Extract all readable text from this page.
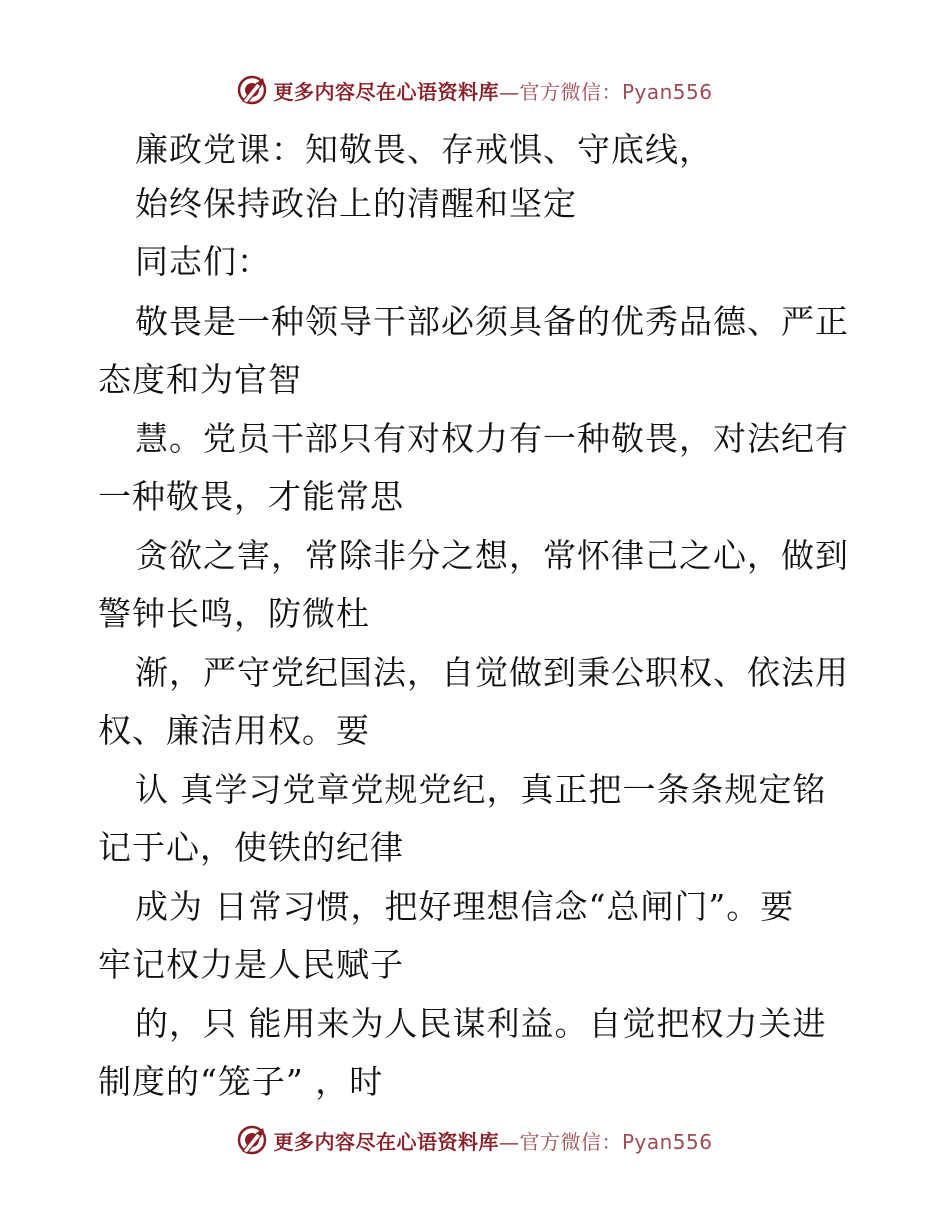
更多内容尽在心语资料库—官方微信：Pyan556
廉政党课：知敬畏、存戒惧、守底线，
始终保持政治上的清醒和坚定
同志们：
敬畏是一种领导干部必须具备的优秀品德、严正
态度和为官智
慧。党员干部只有对权力有一种敬畏，对法纪有
一种敬畏，才能常思
贪欲之害，常除非分之想，常怀律己之心，做到
警钟长鸣，防微杜
渐，严守党纪国法，自觉做到秉公职权、依法用
权、廉洁用权。要
认 真学习党章党规党纪，真正把一条条规定铭
记于心，使铁的纪律
成为 日常习惯，把好理想信念“总闸门”。要
牢记权力是人民赋子
的，只 能用来为人民谋利益。自觉把权力关进
制度的“笼子” ，时
更多内容尽在心语资料库—官方微信：Pyan556
